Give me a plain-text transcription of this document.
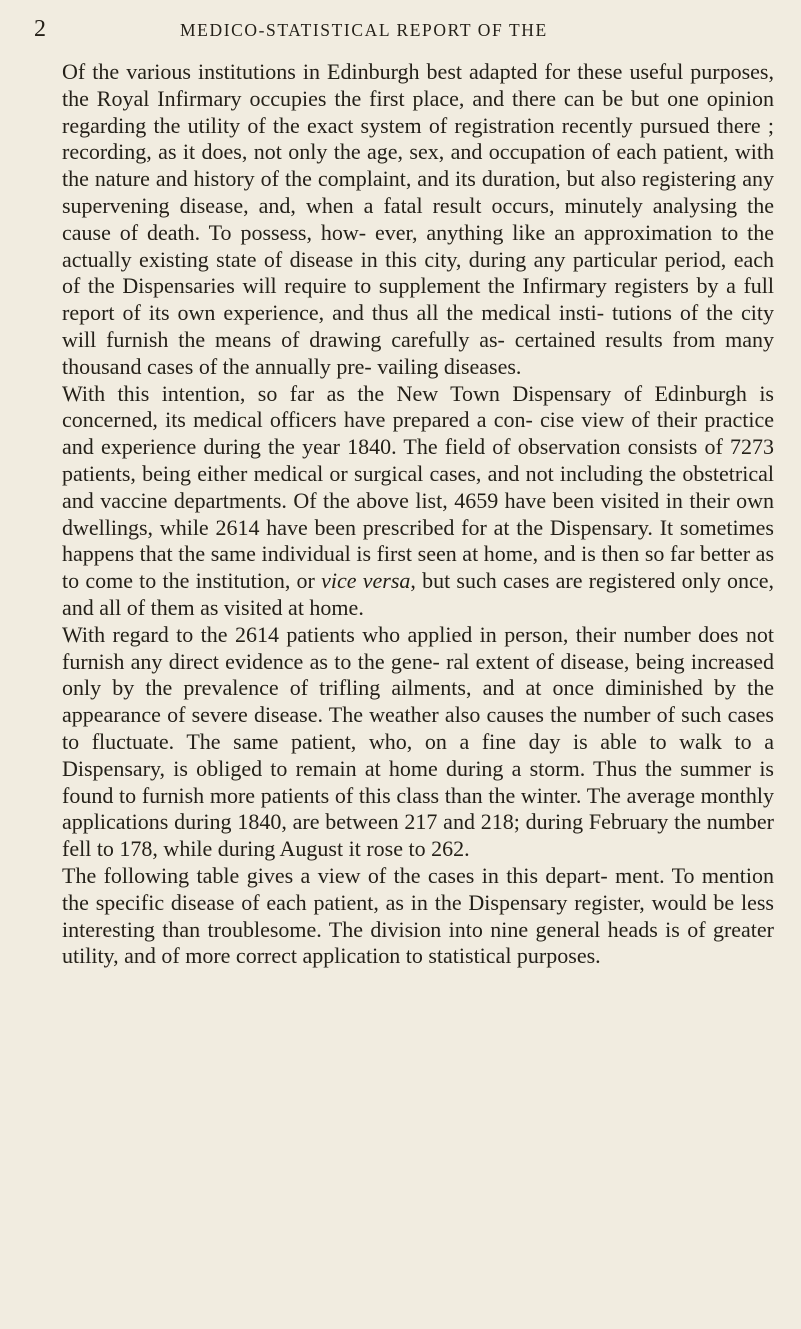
2	MEDICO-STATISTICAL REPORT OF THE

Of the various institutions in Edinburgh best adapted for these useful purposes, the Royal Infirmary occupies the first place, and there can be but one opinion regarding the utility of the exact system of registration recently pursued there ; recording, as it does, not only the age, sex, and occupation of each patient, with the nature and history of the complaint, and its duration, but also registering any supervening disease, and, when a fatal result occurs, minutely analysing the cause of death. To possess, how- ever, anything like an approximation to the actually existing state of disease in this city, during any particular period, each of the Dispensaries will require to supplement the Infirmary registers by a full report of its own experience, and thus all the medical insti- tutions of the city will furnish the means of drawing carefully as- certained results from many thousand cases of the annually pre- vailing diseases.

With this intention, so far as the New Town Dispensary of Edinburgh is concerned, its medical officers have prepared a con- cise view of their practice and experience during the year 1840. The field of observation consists of 7273 patients, being either medical or surgical cases, and not including the obstetrical and vaccine departments. Of the above list, 4659 have been visited in their own dwellings, while 2614 have been prescribed for at the Dispensary. It sometimes happens that the same individual is first seen at home, and is then so far better as to come to the institution, or vice versa, but such cases are registered only once, and all of them as visited at home.

With regard to the 2614 patients who applied in person, their number does not furnish any direct evidence as to the gene- ral extent of disease, being increased only by the prevalence of trifling ailments, and at once diminished by the appearance of severe disease. The weather also causes the number of such cases to fluctuate. The same patient, who, on a fine day is able to walk to a Dispensary, is obliged to remain at home during a storm. Thus the summer is found to furnish more patients of this class than the winter. The average monthly applications during 1840, are between 217 and 218; during February the number fell to 178, while during August it rose to 262.

The following table gives a view of the cases in this depart- ment. To mention the specific disease of each patient, as in the Dispensary register, would be less interesting than troublesome. The division into nine general heads is of greater utility, and of more correct application to statistical purposes.
